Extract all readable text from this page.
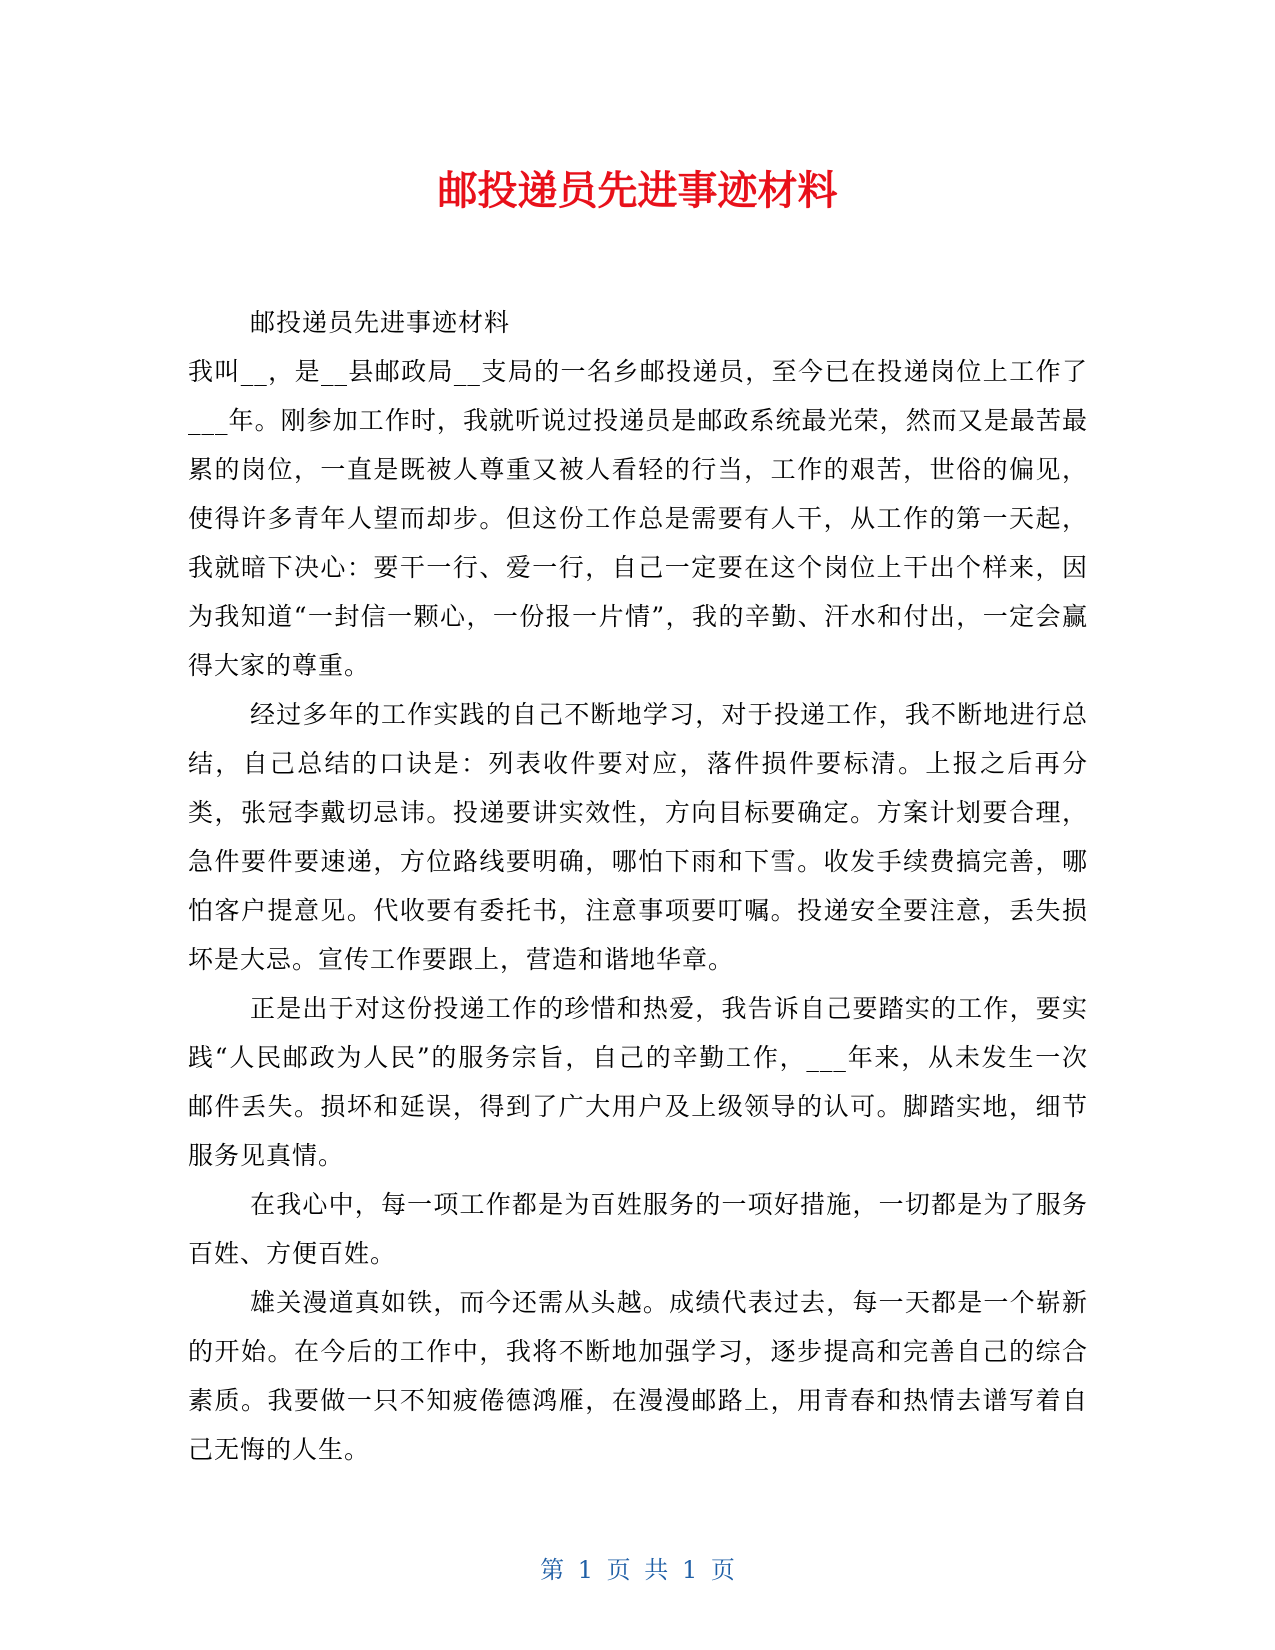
邮投递员先进事迹材料

邮投递员先进事迹材料

我叫__，是__县邮政局__支局的一名乡邮投递员，至今已在投递岗位上工作了___年。刚参加工作时，我就听说过投递员是邮政系统最光荣，然而又是最苦最累的岗位，一直是既被人尊重又被人看轻的行当，工作的艰苦，世俗的偏见，使得许多青年人望而却步。但这份工作总是需要有人干，从工作的第一天起，我就暗下决心：要干一行、爱一行，自己一定要在这个岗位上干出个样来，因为我知道“一封信一颗心，一份报一片情”，我的辛勤、汗水和付出，一定会赢得大家的尊重。

经过多年的工作实践的自己不断地学习，对于投递工作，我不断地进行总结，自己总结的口诀是：列表收件要对应，落件损件要标清。上报之后再分类，张冠李戴切忌讳。投递要讲实效性，方向目标要确定。方案计划要合理，急件要件要速递，方位路线要明确，哪怕下雨和下雪。收发手续费搞完善，哪怕客户提意见。代收要有委托书，注意事项要叮嘱。投递安全要注意，丢失损坏是大忌。宣传工作要跟上，营造和谐地华章。

正是出于对这份投递工作的珍惜和热爱，我告诉自己要踏实的工作，要实践“人民邮政为人民”的服务宗旨，自己的辛勤工作，___年来，从未发生一次邮件丢失。损坏和延误，得到了广大用户及上级领导的认可。脚踏实地，细节服务见真情。

在我心中，每一项工作都是为百姓服务的一项好措施，一切都是为了服务百姓、方便百姓。

雄关漫道真如铁，而今还需从头越。成绩代表过去，每一天都是一个崭新的开始。在今后的工作中，我将不断地加强学习，逐步提高和完善自己的综合素质。我要做一只不知疲倦德鸿雁，在漫漫邮路上，用青春和热情去谱写着自己无悔的人生。

第 1 页 共 1 页
